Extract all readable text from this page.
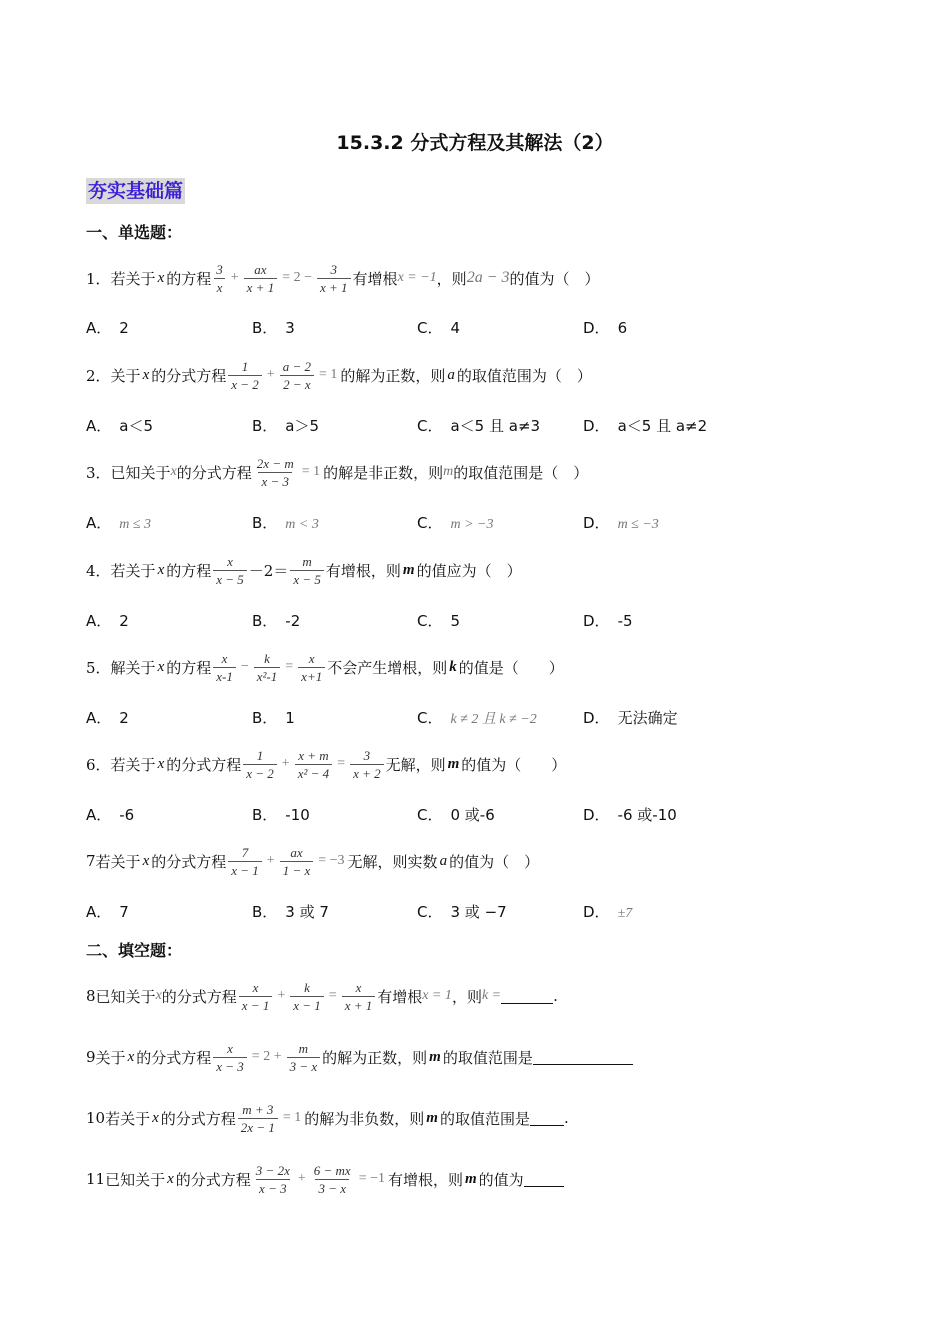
15.3.2 分式方程及其解法（2）
夯实基础篇
一、单选题：
1． 若关于 x 的方程 $\frac{3}{x} + \frac{ax}{x + 1} = 2 - \frac{3}{x + 1}$ 有增根 x = −1 ，则 2a − 3 的值为（　）
A． 2	B． 3	C． 4	D． 6
2． 关于 x 的分式方程 $\frac{1}{x - 2} + \frac{a - 2}{2 - x} = 1$ 的解为正数，则 a 的取值范围为（　）
A． a＜5	B． a＞5	C． a＜5 且 a≠3	D． a＜5 且 a≠2
3． 已知关于 x 的分式方程 $\frac{2x - m}{x - 3} = 1$ 的解是非正数，则 m 的取值范围是（　）
A． m ≤ 3	B． m < 3	C． m > −3	D． m ≤ −3
4． 若关于 x 的方程 $\frac{x}{x - 5} -2= \frac{m}{x - 5}$ 有增根，则 m 的值应为（　）
A． 2	B． -2	C． 5	D． -5
5． 解关于 x 的方程 $\frac{x}{x-1} - \frac{k}{\text{x²-1}} = \frac{x}{x+1}$ 不会产生增根，则 k 的值是（　　）
A． 2	B． 1	C． k ≠ 2 且 k ≠ −2	D． 无法确定
6． 若关于 x 的分式方程 $\frac{1}{x - 2} + \frac{x + m}{\text{x² − 4}} = \frac{3}{x + 2}$ 无解，则 m 的值为（　　）
A． -6	B． -10	C． 0 或-6	D． -6 或-10
7 若关于 x 的分式方程 $\frac{7}{x - 1} + \frac{ax}{1 - x} = -3$ 无解，则实数 a 的值为（　）
A． 7	B． 3 或 7	C． 3 或 −7	D． ±7
二、填空题：
8 已知关于 x 的分式方程 $\frac{x}{x - 1} + \frac{k}{x - 1} = \frac{x}{x + 1}$ 有增根 x = 1 ，则 k =	.
9 关于 x 的分式方程 $\frac{x}{x - 3} = 2 + \frac{m}{3 - x}$ 的解为正数，则 m 的取值范围是
10 若关于 x 的分式方程 $\frac{m + 3}{2x - 1} = 1$ 的解为非负数，则 m 的取值范围是 .
11 已知关于 x 的分式方程 $\frac{3 - 2x}{x - 3} + \frac{6 - mx}{3 - x} = -1$ 有增根，则 m 的值为
